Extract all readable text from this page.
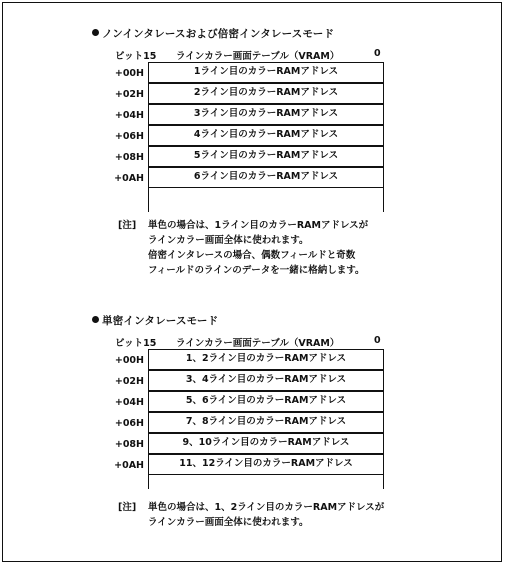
ノンインタレースおよび倍密インタレースモード
ビット15 ラインカラー画面テーブル（VRAM）	0
+00H	1ライン目のカラーRAMアドレス
+02H	2ライン目のカラーRAMアドレス
+04H	3ライン目のカラーRAMアドレス
+06H	4ライン目のカラーRAMアドレス
+08H	5ライン目のカラーRAMアドレス
+0AH	6ライン目のカラーRAMアドレス
[注] 単色の場合は、1ライン目のカラーRAMアドレスが
ラインカラー画面全体に使われます。
倍密インタレースの場合、偶数フィールドと奇数
フィールドのラインのデータを一緒に格納します。
単密インタレースモード
ビット15 ラインカラー画面テーブル（VRAM）	0
+00H	1、2ライン目のカラーRAMアドレス
+02H	3、4ライン目のカラーRAMアドレス
+04H	5、6ライン目のカラーRAMアドレス
+06H	7、8ライン目のカラーRAMアドレス
+08H	9、10ライン目のカラーRAMアドレス
+0AH	11、12ライン目のカラーRAMアドレス
[注] 単色の場合は、1、2ライン目のカラーRAMアドレスが
ラインカラー画面全体に使われます。
